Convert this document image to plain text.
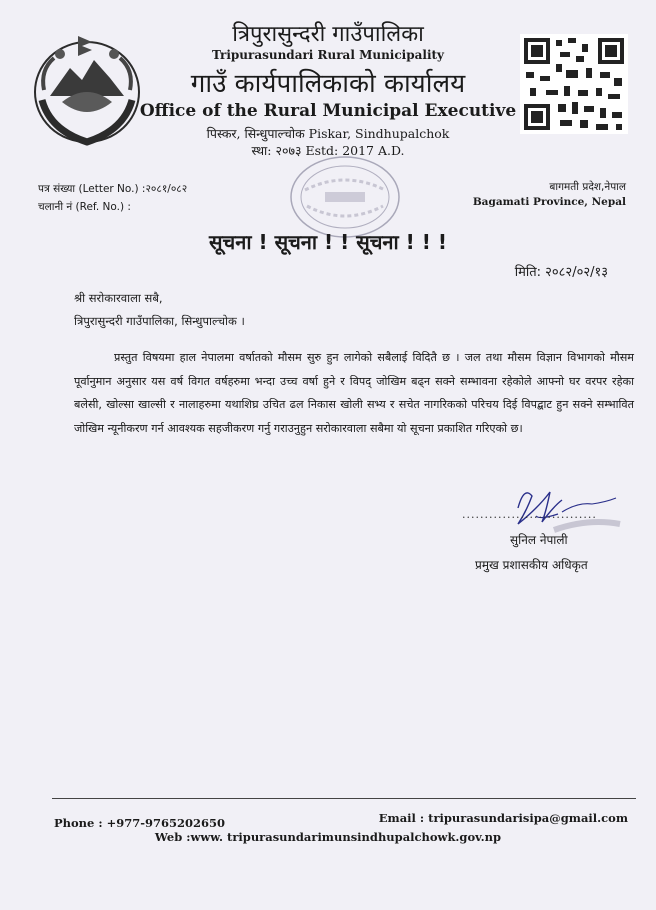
त्रिपुरासुन्दरी गाउँपालिका
Tripurasundari Rural Municipality
गाउँ कार्यपालिकाको कार्यालय
Office of the Rural Municipal Executive
पिस्कर, सिन्धुपाल्चोक Piskar, Sindhupalchok
स्था: २०७३ Estd: 2017 A.D.
पत्र संख्या (Letter No.) :२०८१/०८२
चलानी नं (Ref. No.) :
बागमती प्रदेश,नेपाल
Bagamati Province, Nepal
सूचना ! सूचना ! ! सूचना ! ! !
मिति: २०८२/०२/१३
श्री सरोकारवाला सबै,
त्रिपुरासुन्दरी गाउँपालिका, सिन्धुपाल्चोक ।

प्रस्तुत विषयमा हाल नेपालमा वर्षातको मौसम सुरु हुन लागेको सबैलाई विदितै छ । जल तथा मौसम विज्ञान विभागको मौसम पूर्वानुमान अनुसार यस वर्ष विगत वर्षहरुमा भन्दा उच्च वर्षा हुने र विपद् जोखिम बढ्न सक्ने सम्भावना रहेकोले आफ्नो घर वरपर रहेका बलेसी, खोल्सा खाल्सी र नालाहरुमा यथाशिघ्र उचित ढल निकास खोली सभ्य र सचेत नागरिकको परिचय दिई विपद्बाट हुन सक्ने सम्भावित जोखिम न्यूनीकरण गर्न आवश्यक सहजीकरण गर्नु गराउनुहुन सरोकारवाला सबैमा यो सूचना प्रकाशित गरिएको छ।

..............................
सुनिल नेपाली
प्रमुख प्रशासकीय अधिकृत
Phone : +977-9765202650	Email : tripurasundarisipa@gmail.com
Web :www. tripurasundarimunsindhupalchowk.gov.np
